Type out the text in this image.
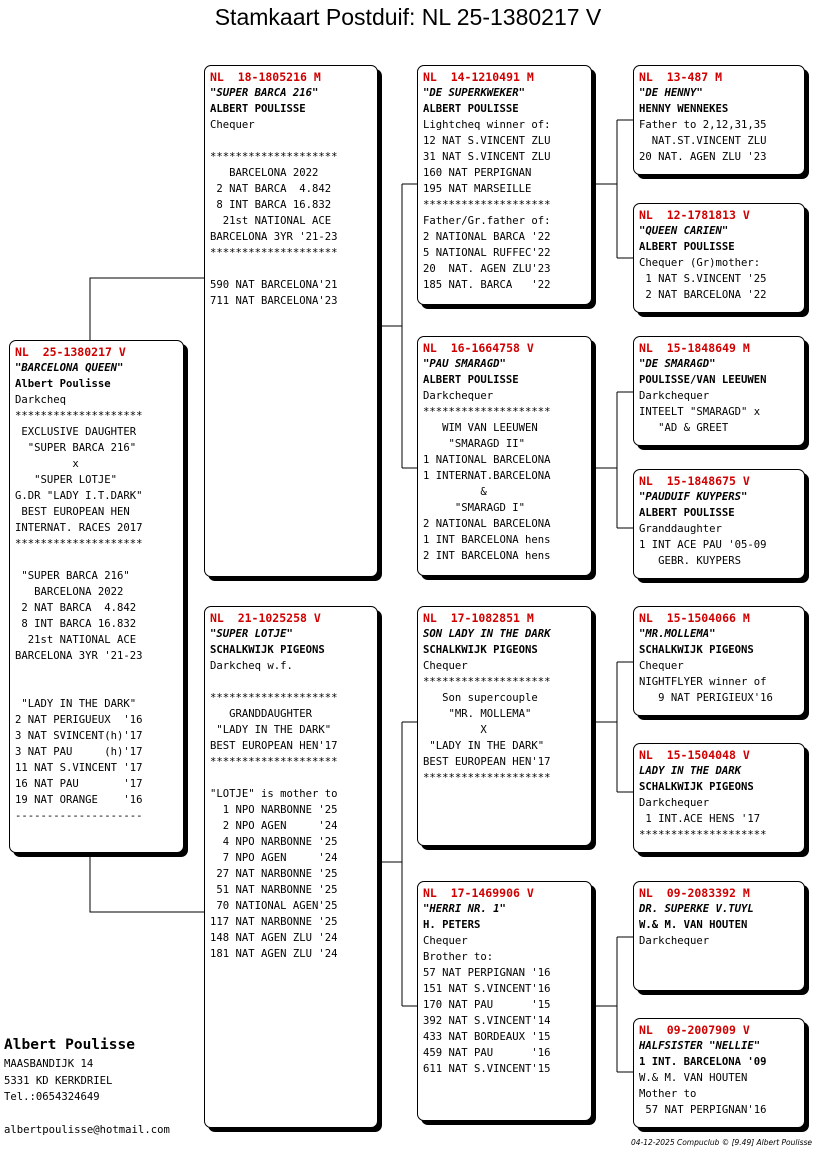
Stamkaart Postduif: NL 25-1380217 V
NL  25-1380217 V
"BARCELONA QUEEN"
Albert Poulisse
Darkcheq
********************
EXCLUSIVE DAUGHTER
"SUPER BARCA 216"
x
"SUPER LOTJE"
G.DR "LADY I.T.DARK"
BEST EUROPEAN HEN
INTERNAT. RACES 2017
********************
"SUPER BARCA 216"
BARCELONA 2022
2 NAT BARCA  4.842
8 INT BARCA 16.832
21st NATIONAL ACE
BARCELONA 3YR '21-23
"LADY IN THE DARK"
2 NAT PERIGUEUX  '16
3 NAT SVINCENT(h)'17
3 NAT PAU     (h)'17
11 NAT S.VINCENT '17
16 NAT PAU       '17
19 NAT ORANGE    '16
--------------------
NL  18-1805216 M
"SUPER BARCA 216"
ALBERT POULISSE
Chequer
********************
BARCELONA 2022
2 NAT BARCA  4.842
8 INT BARCA 16.832
21st NATIONAL ACE
BARCELONA 3YR '21-23
********************
590 NAT BARCELONA'21
711 NAT BARCELONA'23
NL  21-1025258 V
"SUPER LOTJE"
SCHALKWIJK PIGEONS
Darkcheq w.f.
********************
GRANDDAUGHTER
"LADY IN THE DARK"
BEST EUROPEAN HEN'17
********************
"LOTJE" is mother to
1 NPO NARBONNE '25
2 NPO AGEN     '24
4 NPO NARBONNE '25
7 NPO AGEN     '24
27 NAT NARBONNE '25
51 NAT NARBONNE '25
70 NATIONAL AGEN'25
117 NAT NARBONNE '25
148 NAT AGEN ZLU '24
181 NAT AGEN ZLU '24
NL  14-1210491 M
"DE SUPERKWEKER"
ALBERT POULISSE
Lightcheq winner of:
12 NAT S.VINCENT ZLU
31 NAT S.VINCENT ZLU
160 NAT PERPIGNAN
195 NAT MARSEILLE
********************
Father/Gr.father of:
2 NATIONAL BARCA '22
5 NATIONAL RUFFEC'22
20  NAT. AGEN ZLU'23
185 NAT. BARCA   '22
NL  16-1664758 V
"PAU SMARAGD"
ALBERT POULISSE
Darkchequer
********************
WIM VAN LEEUWEN
"SMARAGD II"
1 NATIONAL BARCELONA
1 INTERNAT.BARCELONA
&
"SMARAGD I"
2 NATIONAL BARCELONA
1 INT BARCELONA hens
2 INT BARCELONA hens
NL  17-1082851 M
SON LADY IN THE DARK
SCHALKWIJK PIGEONS
Chequer
********************
Son supercouple
"MR. MOLLEMA"
X
"LADY IN THE DARK"
BEST EUROPEAN HEN'17
********************
NL  17-1469906 V
"HERRI NR. 1"
H. PETERS
Chequer
Brother to:
57 NAT PERPIGNAN '16
151 NAT S.VINCENT'16
170 NAT PAU      '15
392 NAT S.VINCENT'14
433 NAT BORDEAUX '15
459 NAT PAU      '16
611 NAT S.VINCENT'15
NL  13-487 M
"DE HENNY"
HENNY WENNEKES
Father to 2,12,31,35
NAT.ST.VINCENT ZLU
20 NAT. AGEN ZLU '23
NL  12-1781813 V
"QUEEN CARIEN"
ALBERT POULISSE
Chequer (Gr)mother:
1 NAT S.VINCENT '25
2 NAT BARCELONA '22
NL  15-1848649 M
"DE SMARAGD"
POULISSE/VAN LEEUWEN
Darkchequer
INTEELT "SMARAGD" x
"AD & GREET
NL  15-1848675 V
"PAUDUIF KUYPERS"
ALBERT POULISSE
Granddaughter
1 INT ACE PAU '05-09
GEBR. KUYPERS
NL  15-1504066 M
"MR.MOLLEMA"
SCHALKWIJK PIGEONS
Chequer
NIGHTFLYER winner of
9 NAT PERIGIEUX'16
NL  15-1504048 V
LADY IN THE DARK
SCHALKWIJK PIGEONS
Darkchequer
1 INT.ACE HENS '17
********************
NL  09-2083392 M
DR. SUPERKE V.TUYL
W.& M. VAN HOUTEN
Darkchequer
NL  09-2007909 V
HALFSISTER "NELLIE"
1 INT. BARCELONA '09
W.& M. VAN HOUTEN
Mother to
57 NAT PERPIGNAN'16
Albert Poulisse
MAASBANDIJK 14
5331 KD KERKDRIEL
Tel.:0654324649
albertpoulisse@hotmail.com
04-12-2025 Compuclub © [9.49] Albert Poulisse
